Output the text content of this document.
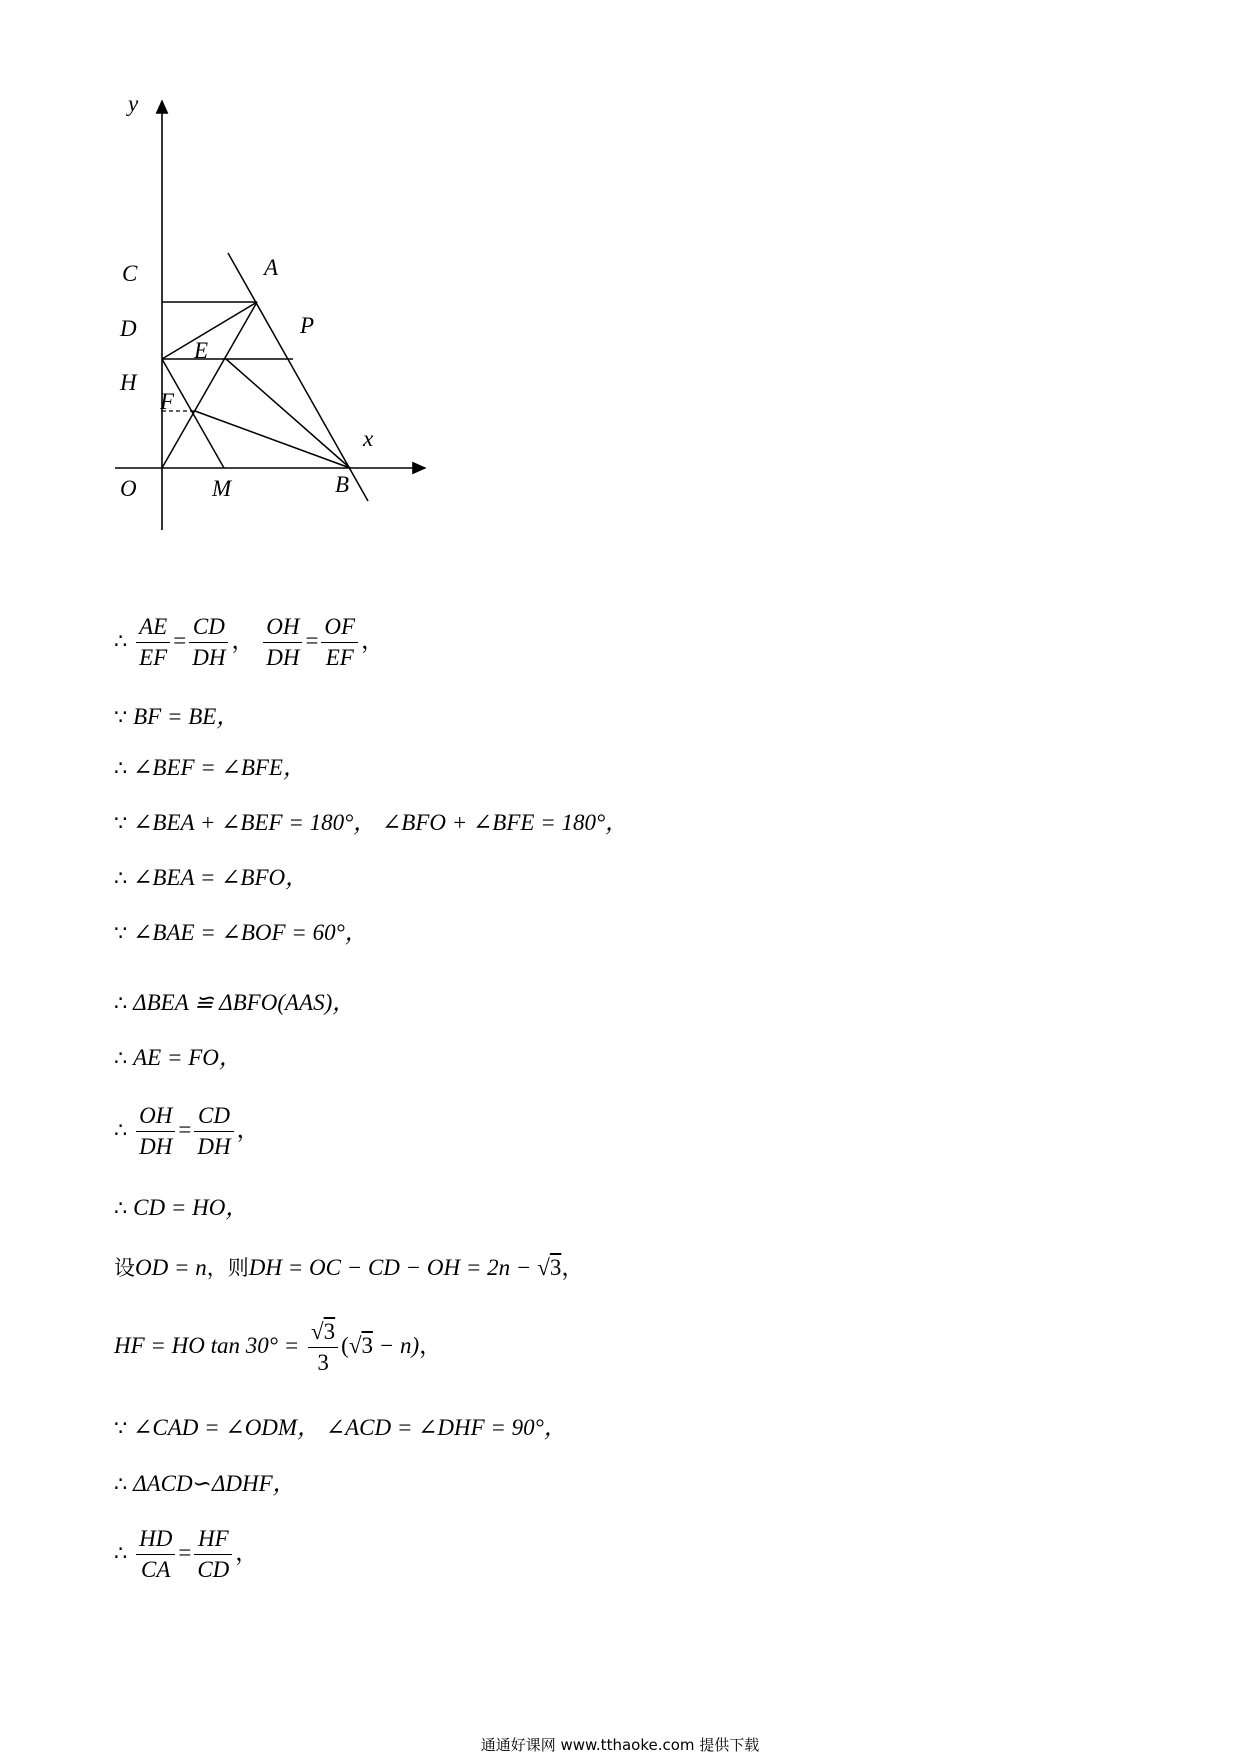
y
x
C	A
D	P
E
H
F
O	M	B
∴ $\frac{AE}{EF} = \frac{CD}{DH}$ ， $\frac{OH}{DH} = \frac{OF}{EF}$ ，
∵ BF = BE，
∴ ∠BEF = ∠BFE，
∵ ∠BEA + ∠BEF = 180°， ∠BFO + ∠BFE = 180°，
∴ ∠BEA = ∠BFO，
∵ ∠BAE = ∠BOF = 60°，
∴ ΔBEA ≌ ΔBFO(AAS)，
∴ AE = FO，
∴ $\frac{OH}{DH} = \frac{CD}{DH}$ ，
∴ CD = HO，
设OD = n，则DH = OC − CD − OH = 2n − √3，
HF = HO $\tan 30^\circ = \frac{√3}{3} (√3 - n)$，
∵ ∠CAD = ∠ODM， ∠ACD = ∠DHF = 90°，
∴ ΔACD∽ΔDHF，
∴ $\frac{HD}{CA} = \frac{HF}{CD}$ ，
通通好课网 www.tthaoke.com 提供下载
